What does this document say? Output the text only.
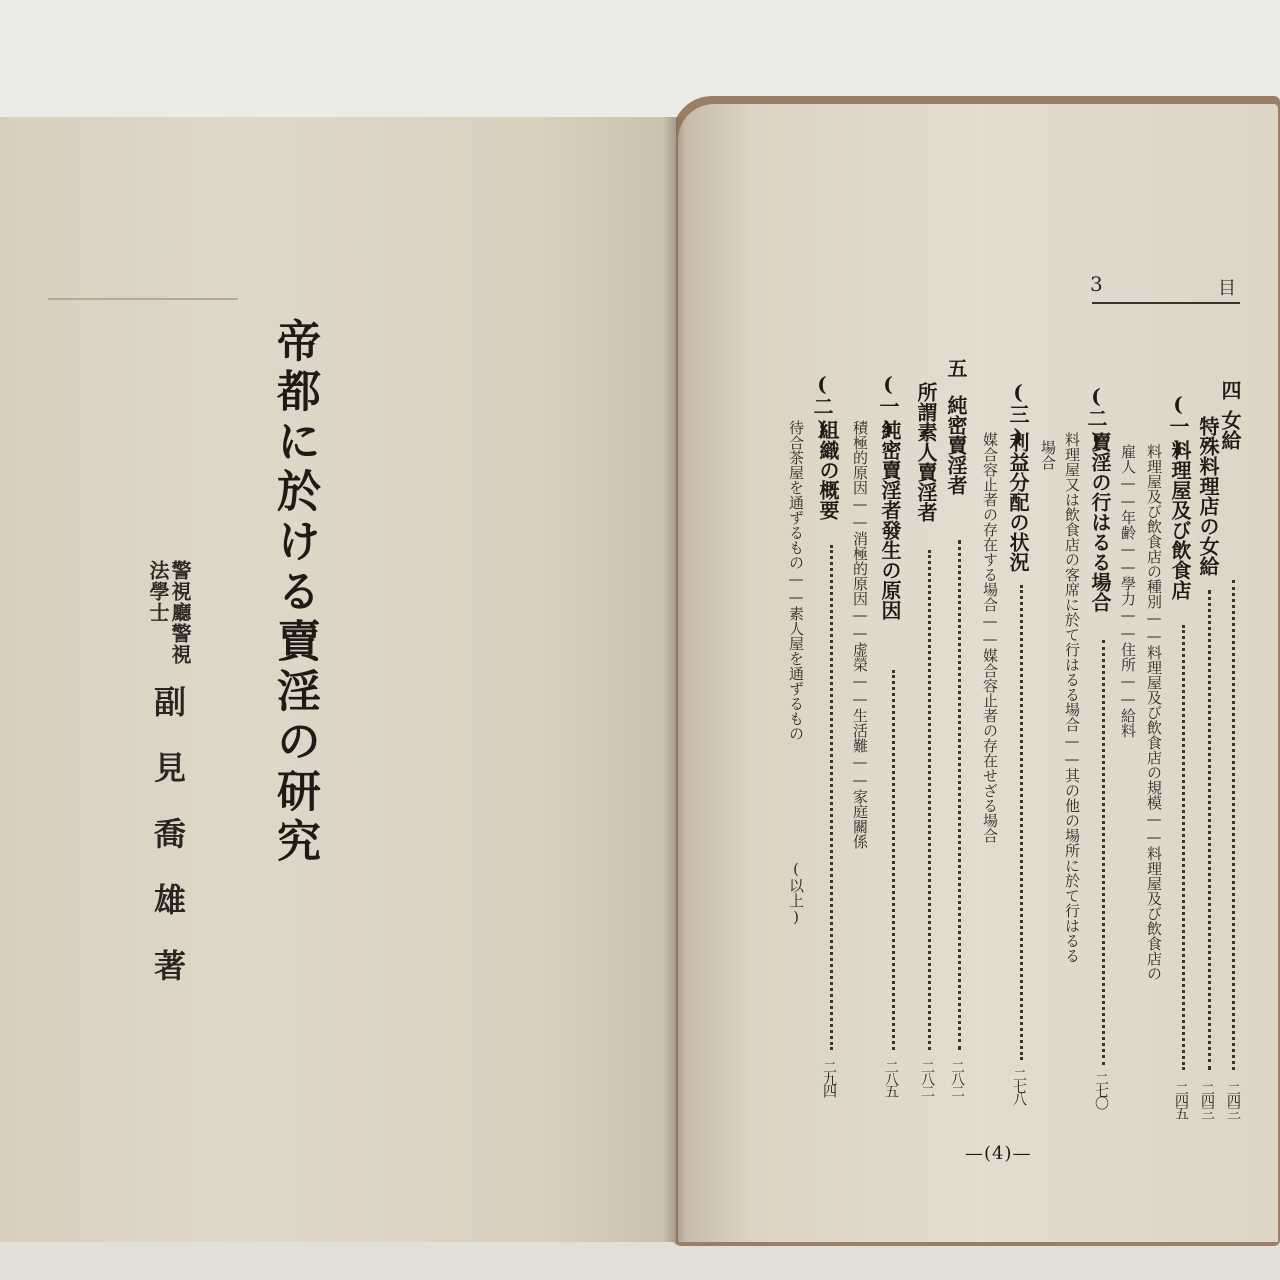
帝都に於ける賣淫の研究
警視廳警視
法學士
副見喬雄著
3	目
四
女給
二四三
(一) 特殊料理店の女給
二四三
料理屋及び飲食店
二四五
料理屋及び飲食店の種別——料理屋及び飲食店の規模——料理屋及び飲食店の
雇人——年齢——學力——住所——給料
(二)
賣淫の行はるる場合
二七〇
料理屋又は飲食店の客席に於て行はるる場合——其の他の場所に於て行はるる
場合
(三)
利益分配の状況
二七八
媒合容止者の存在する場合——媒合容止者の存在せざる場合
五
純密賣淫者
二八二
所謂素人賣淫者
二八二
(一)
純密賣淫者發生の原因
二八五
積極的原因——消極的原因——虚榮——生活難——家庭關係
(二)
組織の概要
二九四
待合茶屋を通ずるもの——素人屋を通ずるもの
(以上)
—(4)—
